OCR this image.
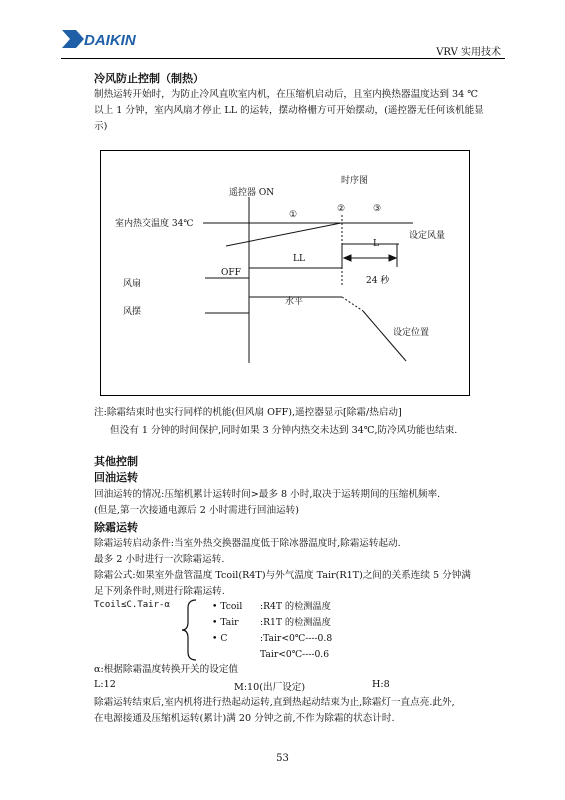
DAIKIN
VRV 实用技术
冷风防止控制（制热）
制热运转开始时，为防止冷风直吹室内机，在压缩机启动后，且室内换热器温度达到 34 ℃以上 1 分钟，室内风扇才停止 LL 的运转，摆动格栅方可开始摆动，(遥控器无任何该机能显示)
时序图
遥控器 ON
①
②	③
室内热交温度 34℃
风扇
风摆
OFF
LL
L
设定风量
24 秒
水平
设定位置
注:除霜结束时也实行同样的机能(但风扇 OFF),遥控器显示[除霜/热启动]
但没有 1 分钟的时间保护,同时如果 3 分钟内热交未达到 34℃,防冷风功能也结束.
其他控制
回油运转
回油运转的情况:压缩机累计运转时间>最多 8 小时,取决于运转期间的压缩机频率.
(但是,第一次接通电源后 2 小时需进行回油运转)
除霜运转
除霜运转启动条件:当室外热交换器温度低于除冰器温度时,除霜运转起动.
最多 2 小时进行一次除霜运转.
除霜公式:如果室外盘管温度 Tcoil(R4T)与外气温度 Tair(R1T)之间的关系连续 5 分钟满
足下列条件时,则进行除霜运转.
Tcoil≤C.Tair-α	• Tcoil :R4T 的检测温度
• Tair :R1T 的检测温度
• C	:Tair<0℃----0.8
Tair<0℃----0.6
α:根据除霜温度转换开关的设定值
L:12	M:10(出厂设定)	H:8
除霜运转结束后,室内机将进行热起动运转,直到热起动结束为止,除霜灯一直点亮.此外,
在电源接通及压缩机运转(累计)满 20 分钟之前,不作为除霜的状态计时.
53
